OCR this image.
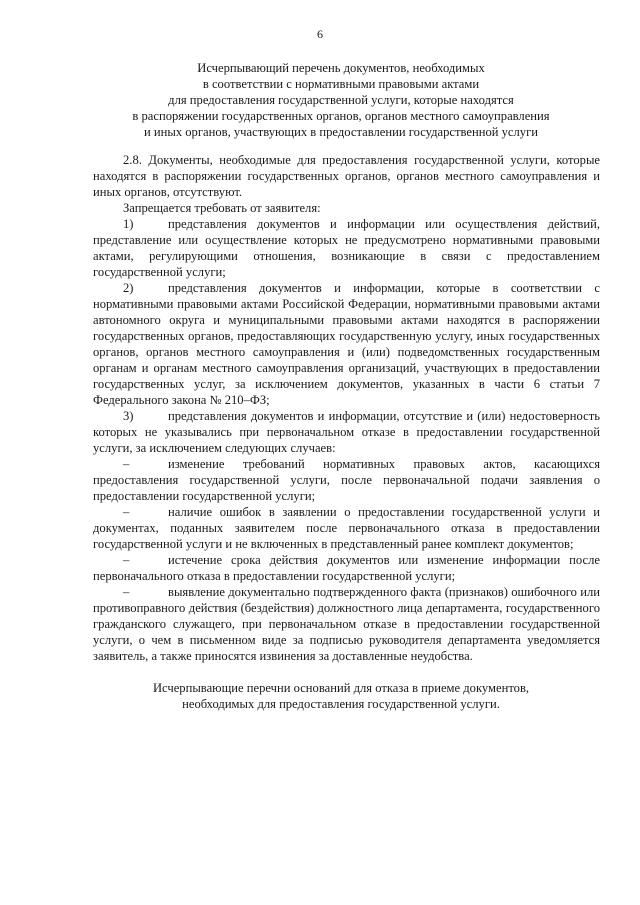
6
Исчерпывающий перечень документов, необходимых
в соответствии с нормативными правовыми актами
для предоставления государственной услуги, которые находятся
в распоряжении государственных органов, органов местного самоуправления
и иных органов, участвующих в предоставлении государственной услуги

2.8. Документы, необходимые для предоставления государственной услуги, которые находятся в распоряжении государственных органов, органов местного самоуправления и иных органов, отсутствуют.

Запрещается требовать от заявителя:

1)	представления документов и информации или осуществления действий, представление или осуществление которых не предусмотрено нормативными правовыми актами, регулирующими отношения, возникающие в связи с предоставлением государственной услуги;

2)	представления документов и информации, которые в соответствии с нормативными правовыми актами Российской Федерации, нормативными правовыми актами автономного округа и муниципальными правовыми актами находятся в распоряжении государственных органов, предоставляющих государственную услугу, иных государственных органов, органов местного самоуправления и (или) подведомственных государственным органам и органам местного самоуправления организаций, участвующих в предоставлении государственных услуг, за исключением документов, указанных в части 6 статьи 7 Федерального закона № 210–ФЗ;

3)	представления документов и информации, отсутствие и (или) недостоверность которых не указывались при первоначальном отказе в предоставлении государственной услуги, за исключением следующих случаев:

–	изменение требований нормативных правовых актов, касающихся предоставления государственной услуги, после первоначальной подачи заявления о предоставлении государственной услуги;

–	наличие ошибок в заявлении о предоставлении государственной услуги и документах, поданных заявителем после первоначального отказа в предоставлении государственной услуги и не включенных в представленный ранее комплект документов;

–	истечение срока действия документов или изменение информации после первоначального отказа в предоставлении государственной услуги;

–	выявление документально подтвержденного факта (признаков) ошибочного или противоправного действия (бездействия) должностного лица департамента, государственного гражданского служащего, при первоначальном отказе в предоставлении государственной услуги, о чем в письменном виде за подписью руководителя департамента уведомляется заявитель, а также приносятся извинения за доставленные неудобства.

Исчерпывающие перечни оснований для отказа в приеме документов,
необходимых для предоставления государственной услуги.
